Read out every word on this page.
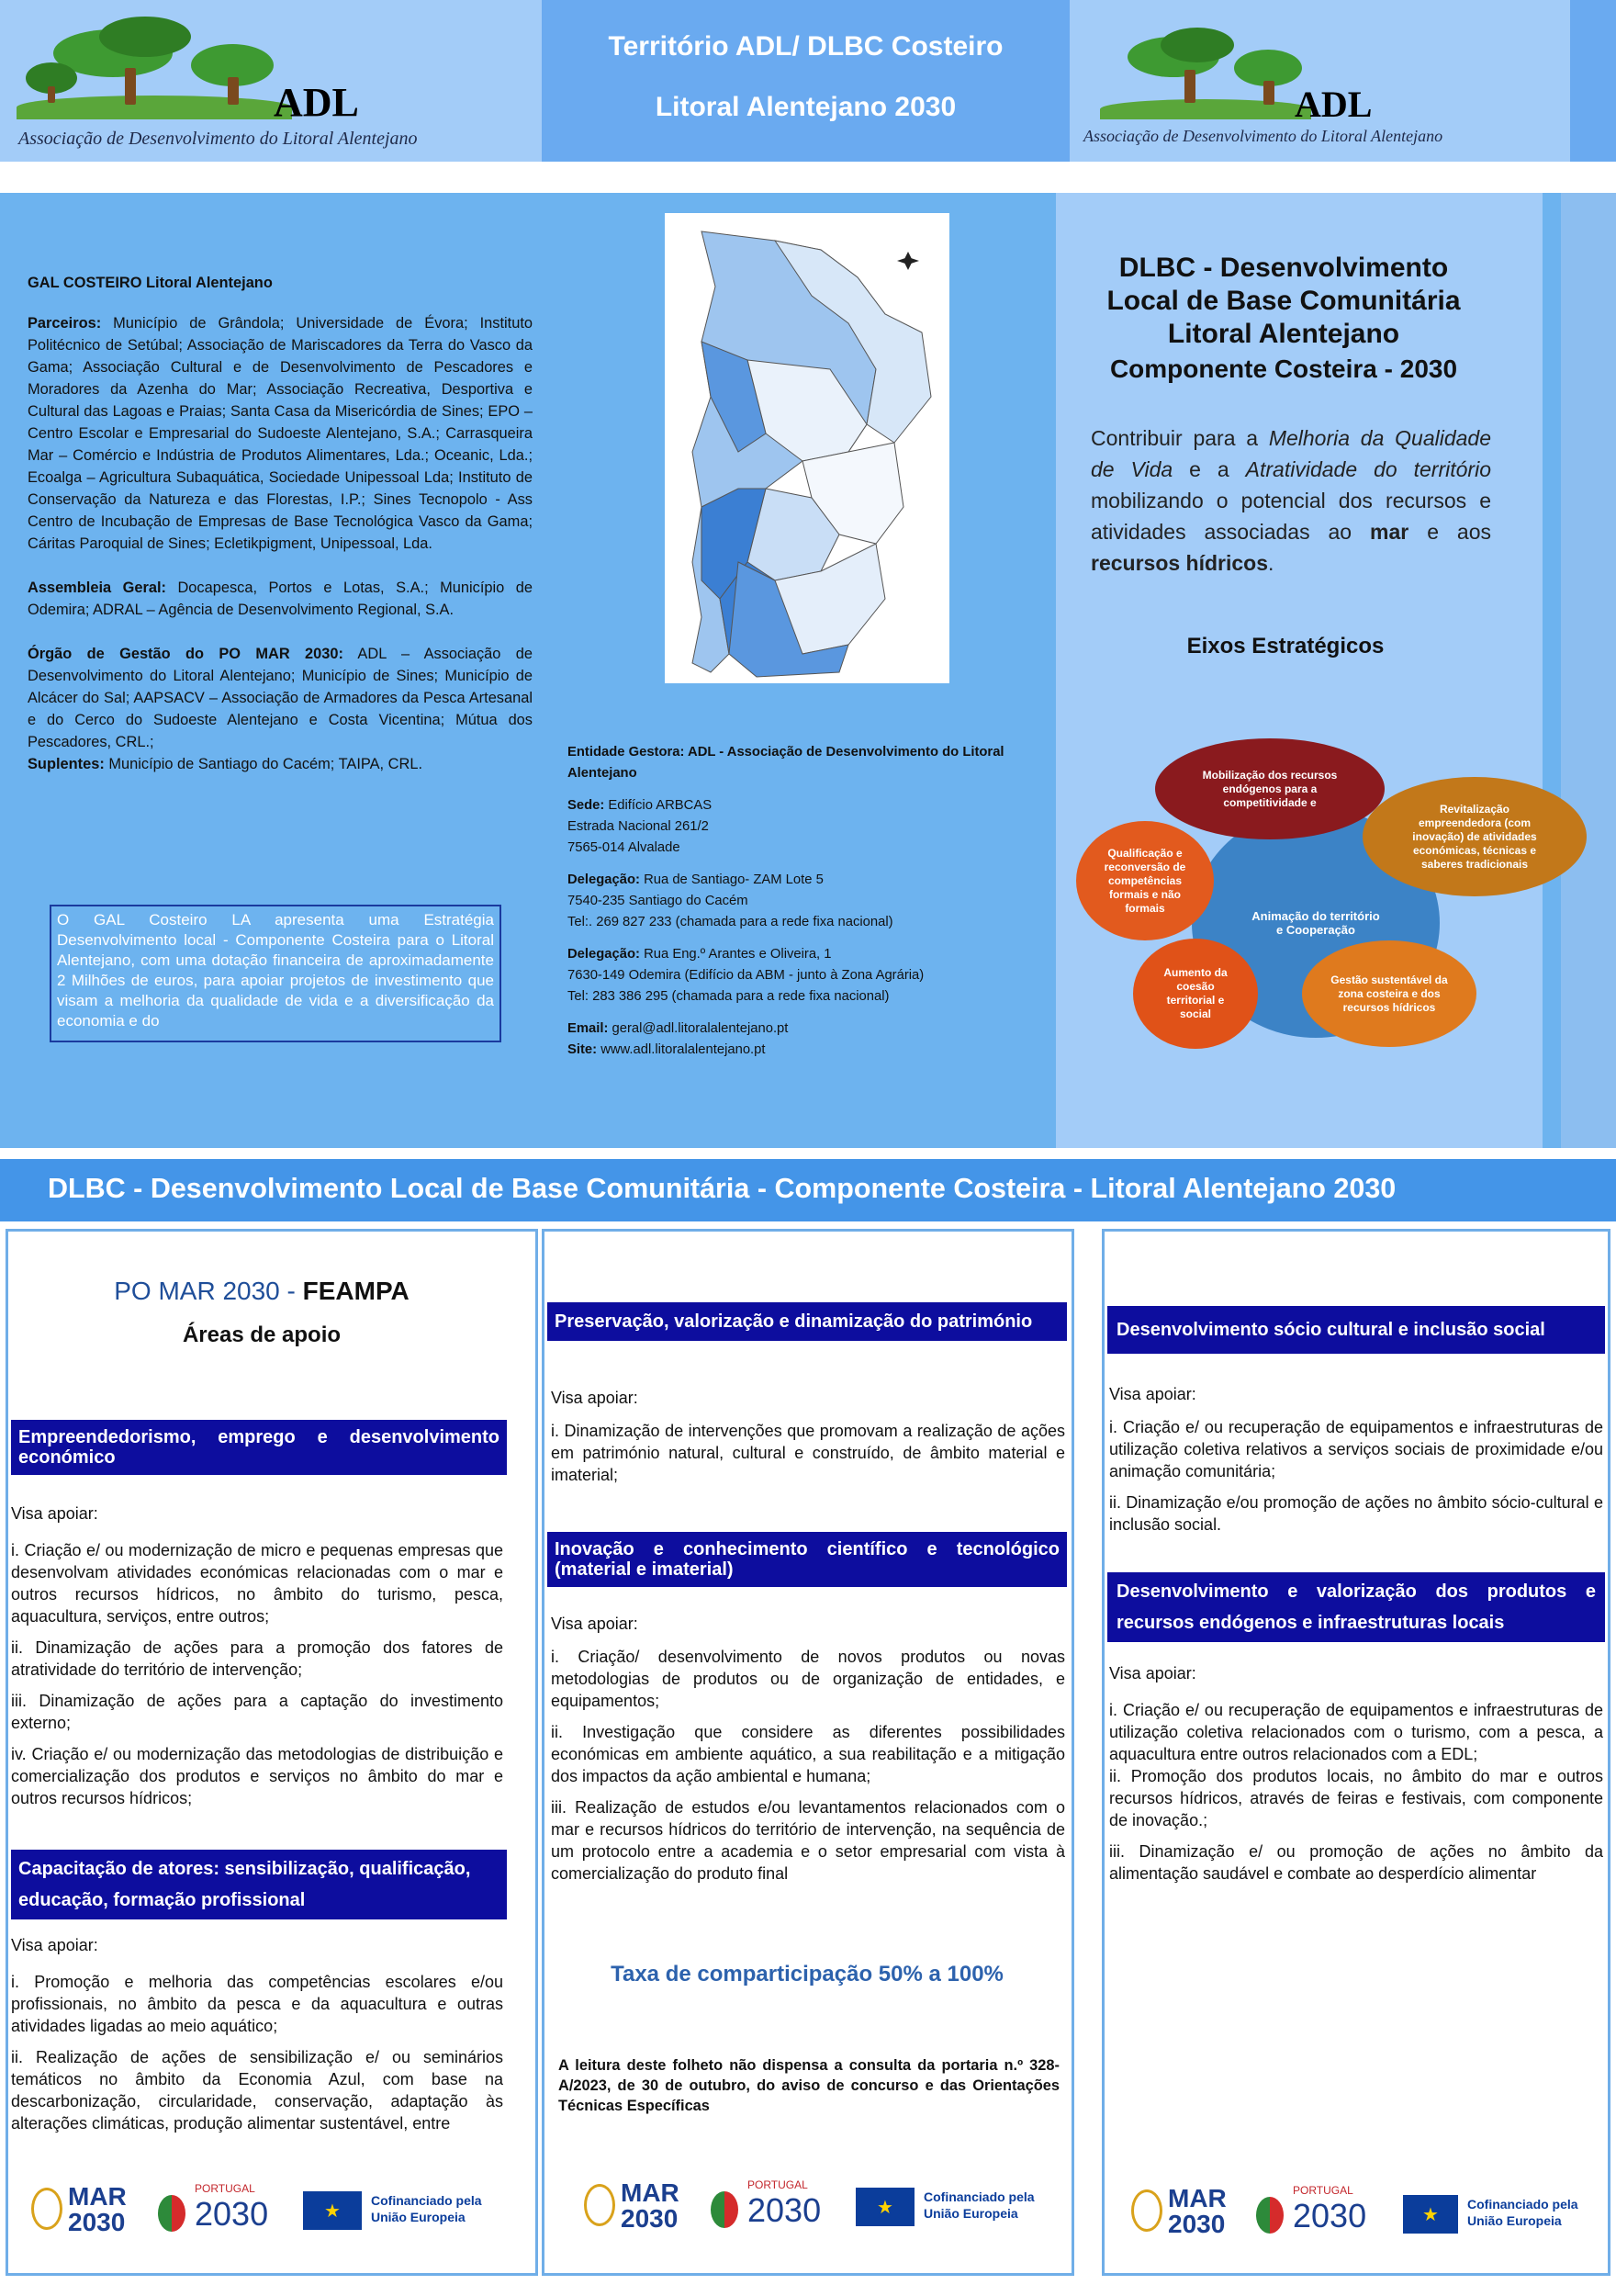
ADL
Associação de Desenvolvimento do Litoral Alentejano
Território ADL/ DLBC Costeiro
Litoral Alentejano 2030	ADL
Associação de Desenvolvimento do Litoral Alentejano
GAL COSTEIRO Litoral Alentejano

Parceiros: Município de Grândola; Universidade de Évora; Instituto Politécnico de Setúbal; Associação de Mariscadores da Terra do Vasco da Gama; Associação Cultural e de Desenvolvimento de Pescadores e Moradores da Azenha do Mar; Associação Recreativa, Desportiva e Cultural das Lagoas e Praias; Santa Casa da Misericórdia de Sines; EPO – Centro Escolar e Empresarial do Sudoeste Alentejano, S.A.; Carrasqueira Mar – Comércio e Indústria de Produtos Alimentares, Lda.; Oceanic, Lda.; Ecoalga – Agricultura Subaquática, Sociedade Unipessoal Lda; Instituto de Conservação da Natureza e das Florestas, I.P.; Sines Tecnopolo - Ass Centro de Incubação de Empresas de Base Tecnológica Vasco da Gama; Cáritas Paroquial de Sines; Ecletikpigment, Unipessoal, Lda.

Assembleia Geral: Docapesca, Portos e Lotas, S.A.; Município de Odemira; ADRAL – Agência de Desenvolvimento Regional, S.A.

Órgão de Gestão do PO MAR 2030: ADL – Associação de Desenvolvimento do Litoral Alentejano; Município de Sines; Município de Alcácer do Sal; AAPSACV – Associação de Armadores da Pesca Artesanal e do Cerco do Sudoeste Alentejano e Costa Vicentina; Mútua dos Pescadores, CRL.;

Suplentes: Município de Santiago do Cacém; TAIPA, CRL.

O GAL Costeiro LA apresenta uma Estratégia Desenvolvimento local - Componente Costeira para o Litoral Alentejano, com uma dotação financeira de aproximadamente 2 Milhões de euros, para apoiar projetos de investimento que visam a melhoria da qualidade de vida e a diversificação da economia e do

Entidade Gestora: ADL - Associação de Desenvolvimento do Litoral Alentejano

Sede: Edifício ARBCAS
Estrada Nacional 261/2
7565-014 Alvalade

Delegação: Rua de Santiago- ZAM Lote 5
7540-235 Santiago do Cacém
Tel:. 269 827 233 (chamada para a rede fixa nacional)

Delegação: Rua Eng.º Arantes e Oliveira, 1
7630-149 Odemira (Edifício da ABM - junto à Zona Agrária)
Tel: 283 386 295 (chamada para a rede fixa nacional)

Email: geral@adl.litoralalentejano.pt

Site: www.adl.litoralalentejano.pt

DLBC - Desenvolvimento
Local de Base Comunitária
Litoral Alentejano
Componente Costeira - 2030
Contribuir para a Melhoria da Qualidade de Vida e a Atratividade do território mobilizando o potencial dos recursos e atividades associadas ao mar e aos recursos hídricos.
Eixos Estratégicos
Animação do território e Cooperação
Mobilização dos recursos endógenos para a competitividade e	Revitalização empreendedora (com inovação) de atividades económicas, técnicas e saberes tradicionais
Qualificação e reconversão de competências formais e não formais
Aumento da coesão territorial e social
Gestão sustentável da zona costeira e dos recursos hídricos
DLBC - Desenvolvimento Local de Base Comunitária - Componente Costeira - Litoral Alentejano 2030
PO MAR 2030 - FEAMPA
Áreas de apoio
Empreendedorismo, emprego e desenvolvimento económico

Visa apoiar:

i. Criação e/ ou modernização de micro e pequenas empresas que desenvolvam atividades económicas relacionadas com o mar e outros recursos hídricos, no âmbito do turismo, pesca, aquacultura, serviços, entre outros;

ii. Dinamização de ações para a promoção dos fatores de atratividade do território de intervenção;

iii. Dinamização de ações para a captação do investimento externo;

iv. Criação e/ ou modernização das metodologias de distribuição e comercialização dos produtos e serviços no âmbito do mar e outros recursos hídricos;

Capacitação de atores: sensibilização, qualificação, educação, formação profissional

Visa apoiar:

i. Promoção e melhoria das competências escolares e/ou profissionais, no âmbito da pesca e da aquacultura e outras atividades ligadas ao meio aquático;

ii. Realização de ações de sensibilização e/ ou seminários temáticos no âmbito da Economia Azul, com base na descarbonização, circularidade, conservação, adaptação às alterações climáticas, produção alimentar sustentável, entre

Preservação, valorização e dinamização do património

Visa apoiar:

i. Dinamização de intervenções que promovam a realização de ações em património natural, cultural e construído, de âmbito material e imaterial;

Inovação e conhecimento científico e tecnológico (material e imaterial)

Visa apoiar:

i. Criação/ desenvolvimento de novos produtos ou novas metodologias de produtos ou de organização de entidades, e equipamentos;

ii. Investigação que considere as diferentes possibilidades económicas em ambiente aquático, a sua reabilitação e a mitigação dos impactos da ação ambiental e humana;

iii. Realização de estudos e/ou levantamentos relacionados com o mar e recursos hídricos do território de intervenção, na sequência de um protocolo entre a academia e o setor empresarial com vista à comercialização do produto final

Taxa de comparticipação 50% a 100%
A leitura deste folheto não dispensa a consulta da portaria n.º 328-A/2023, de 30 de outubro, do aviso de concurso e das Orientações Técnicas Específicas
Desenvolvimento sócio cultural e inclusão social

Visa apoiar:

i. Criação e/ ou recuperação de equipamentos e infraestruturas de utilização coletiva relativos a serviços sociais de proximidade e/ou animação comunitária;

ii. Dinamização e/ou promoção de ações no âmbito sócio-cultural e inclusão social.

Desenvolvimento e valorização dos produtos e recursos endógenos e infraestruturas locais

Visa apoiar:

i. Criação e/ ou recuperação de equipamentos e infraestruturas de utilização coletiva relacionados com o turismo, com a pesca, a aquacultura entre outros relacionados com a EDL;

ii. Promoção dos produtos locais, no âmbito do mar e outros recursos hídricos, através de feiras e festivais, com componente de inovação.;

iii. Dinamização e/ ou promoção de ações no âmbito da alimentação saudável e combate ao desperdício alimentar

MAR
2030
PORTUGAL
2030	★
Cofinanciado pela
União Europeia
MAR
2030
PORTUGAL
2030	★
Cofinanciado pela
União Europeia
MAR
2030
PORTUGAL
2030	★
Cofinanciado pela
União Europeia
